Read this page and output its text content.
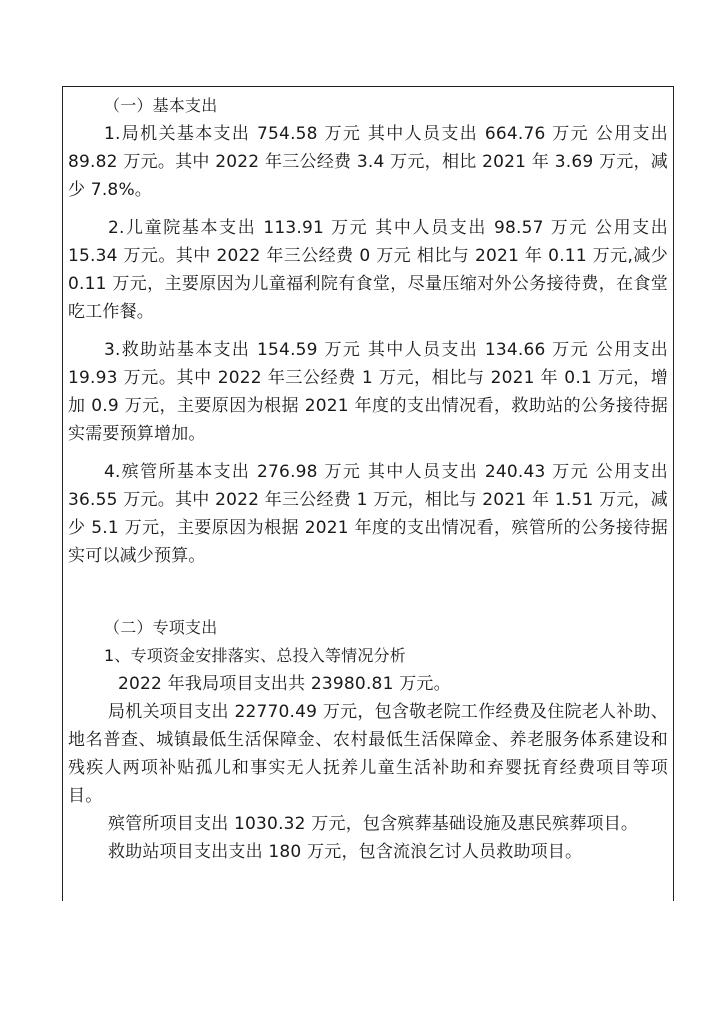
（一）基本支出

1.局机关基本支出 754.58 万元 其中人员支出 664.76 万元 公用支出 89.82 万元。其中 2022 年三公经费 3.4 万元，相比 2021 年 3.69 万元，减少 7.8%。

2.儿童院基本支出 113.91 万元 其中人员支出 98.57 万元 公用支出 15.34 万元。其中 2022 年三公经费 0 万元 相比与 2021 年 0.11 万元,减少 0.11 万元，主要原因为儿童福利院有食堂，尽量压缩对外公务接待费，在食堂吃工作餐。

3.救助站基本支出 154.59 万元 其中人员支出 134.66 万元 公用支出 19.93 万元。其中 2022 年三公经费 1 万元，相比与 2021 年 0.1 万元，增加 0.9 万元，主要原因为根据 2021 年度的支出情况看，救助站的公务接待据实需要预算增加。

4.殡管所基本支出 276.98 万元 其中人员支出 240.43 万元 公用支出 36.55 万元。其中 2022 年三公经费 1 万元，相比与 2021 年 1.51 万元，减少 5.1 万元，主要原因为根据 2021 年度的支出情况看，殡管所的公务接待据实可以减少预算。

（二）专项支出

1、专项资金安排落实、总投入等情况分析

2022 年我局项目支出共 23980.81 万元。

局机关项目支出 22770.49 万元，包含敬老院工作经费及住院老人补助、地名普查、城镇最低生活保障金、农村最低生活保障金、养老服务体系建设和残疾人两项补贴孤儿和事实无人抚养儿童生活补助和弃婴抚育经费项目等项目。

殡管所项目支出 1030.32 万元，包含殡葬基础设施及惠民殡葬项目。

救助站项目支出支出 180 万元，包含流浪乞讨人员救助项目。
